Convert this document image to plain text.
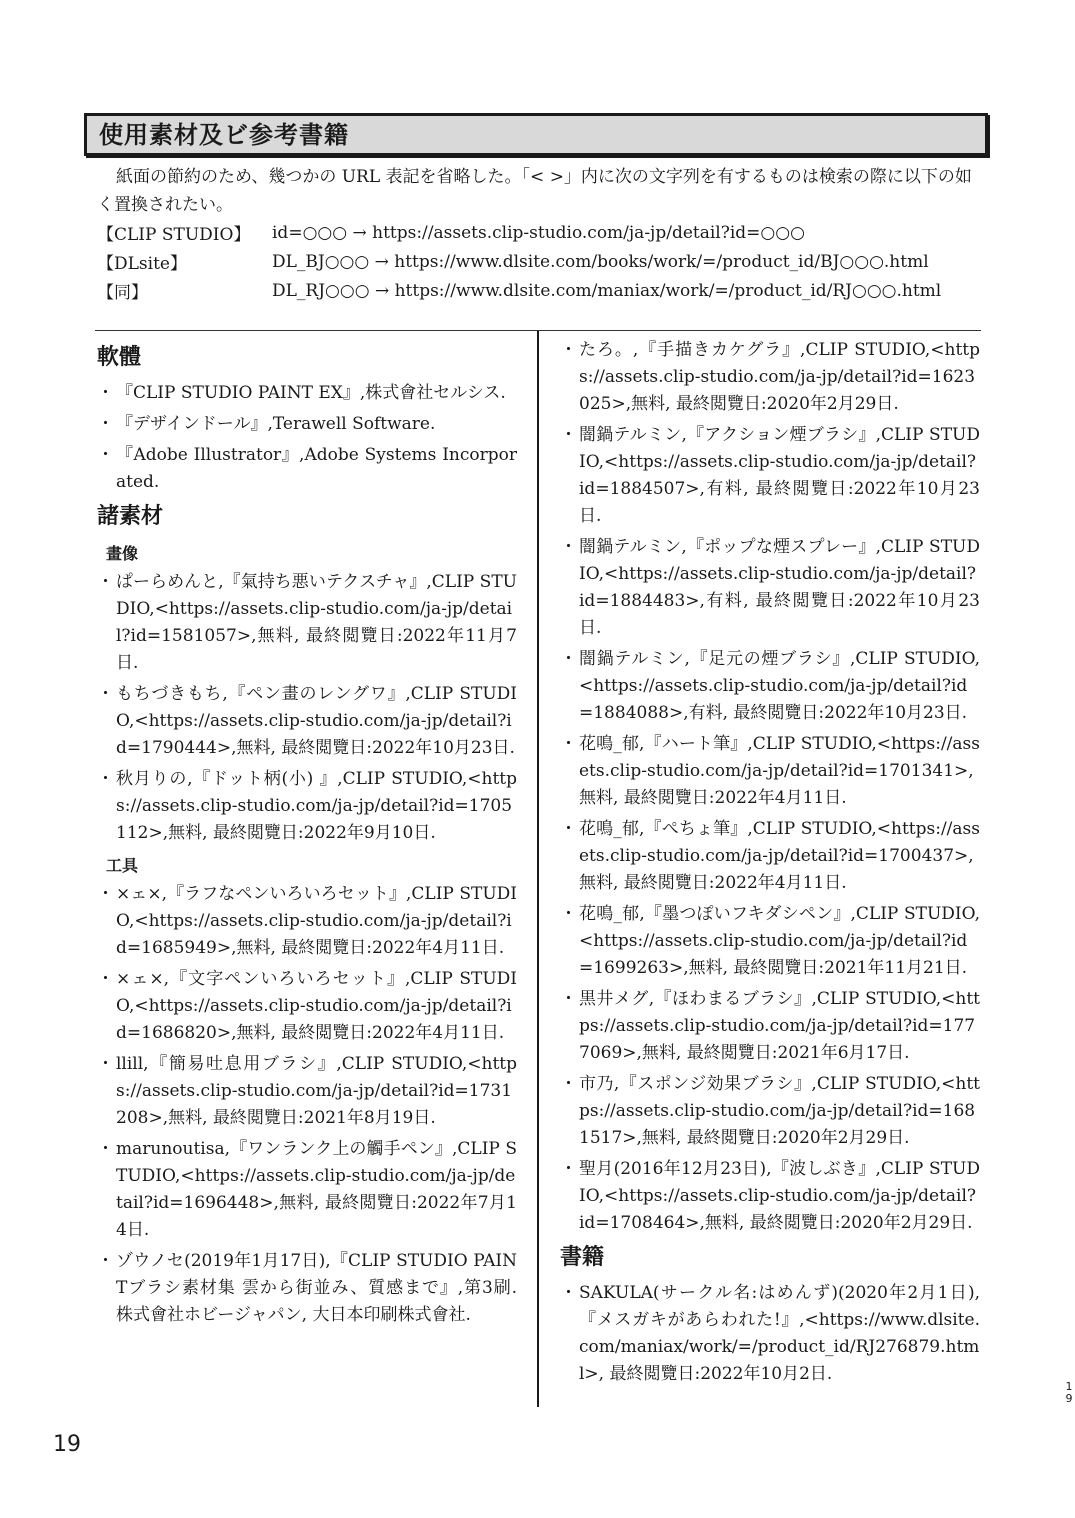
使用素材及ビ参考書籍

紙面の節約のため、幾つかの URL 表記を省略した。「< >」内に次の文字列を有するものは検索の際に以下の如く置換されたい。

【CLIP STUDIO】	id=○○○ → https://assets.clip-studio.com/ja-jp/detail?id=○○○
【DLsite】	DL_BJ○○○ → https://www.dlsite.com/books/work/=/product_id/BJ○○○.html
【同】	DL_RJ○○○ → https://www.dlsite.com/maniax/work/=/product_id/RJ○○○.html
軟體
・ 『CLIP STUDIO PAINT EX』,株式會社セルシス.
・ 『デザインドール』,Terawell Software.
・ 『Adobe Illustrator』,Adobe Systems Incorporated.
諸素材
畫像
・ ぱーらめんと,『氣持ち悪いテクスチャ』,CLIP STUDIO,<https://assets.clip-studio.com/ja-jp/detail?id=1581057>,無料, 最終閲覽日:2022年11月7日.
・ もちづきもち,『ペン畫のレングワ』,CLIP STUDIO,<https://assets.clip-studio.com/ja-jp/detail?id=1790444>,無料, 最終閲覽日:2022年10月23日.
・ 秋月りの,『ドット柄(小) 』,CLIP STUDIO,<https://assets.clip-studio.com/ja-jp/detail?id=1705112>,無料, 最終閲覽日:2022年9月10日.
工具
・ ×ェ×,『ラフなペンいろいろセット』,CLIP STUDIO,<https://assets.clip-studio.com/ja-jp/detail?id=1685949>,無料, 最終閲覽日:2022年4月11日.
・ ×ェ×,『文字ペンいろいろセット』,CLIP STUDIO,<https://assets.clip-studio.com/ja-jp/detail?id=1686820>,無料, 最終閲覽日:2022年4月11日.
・ llill,『簡易吐息用ブラシ』,CLIP STUDIO,<https://assets.clip-studio.com/ja-jp/detail?id=1731208>,無料, 最終閲覽日:2021年8月19日.
・ marunoutisa,『ワンランク上の觸手ペン』,CLIP STUDIO,<https://assets.clip-studio.com/ja-jp/detail?id=1696448>,無料, 最終閲覽日:2022年7月14日.
・ ゾウノセ(2019年1月17日),『CLIP STUDIO PAINTブラシ素材集 雲から街並み、質感まで』,第3刷. 株式會社ホビージャパン, 大日本印刷株式會社.
・ たろ。,『手描きカケグラ』,CLIP STUDIO,<https://assets.clip-studio.com/ja-jp/detail?id=1623025>,無料, 最終閲覽日:2020年2月29日.
・ 闇鍋テルミン,『アクション煙ブラシ』,CLIP STUDIO,<https://assets.clip-studio.com/ja-jp/detail?id=1884507>,有料, 最終閲覽日:2022年10月23日.
・ 闇鍋テルミン,『ポップな煙スプレー』,CLIP STUDIO,<https://assets.clip-studio.com/ja-jp/detail?id=1884483>,有料, 最終閲覽日:2022年10月23日.
・ 闇鍋テルミン,『足元の煙ブラシ』,CLIP STUDIO,<https://assets.clip-studio.com/ja-jp/detail?id=1884088>,有料, 最終閲覽日:2022年10月23日.
・ 花鳴_郁,『ハート筆』,CLIP STUDIO,<https://assets.clip-studio.com/ja-jp/detail?id=1701341>,無料, 最終閲覽日:2022年4月11日.
・ 花鳴_郁,『ぺちょ筆』,CLIP STUDIO,<https://assets.clip-studio.com/ja-jp/detail?id=1700437>,無料, 最終閲覽日:2022年4月11日.
・ 花鳴_郁,『墨つぽいフキダシペン』,CLIP STUDIO,<https://assets.clip-studio.com/ja-jp/detail?id=1699263>,無料, 最終閲覽日:2021年11月21日.
・ 黒井メグ,『ほわまるブラシ』,CLIP STUDIO,<https://assets.clip-studio.com/ja-jp/detail?id=1777069>,無料, 最終閲覽日:2021年6月17日.
・ 市乃,『スポンジ効果ブラシ』,CLIP STUDIO,<https://assets.clip-studio.com/ja-jp/detail?id=1681517>,無料, 最終閲覽日:2020年2月29日.
・ 聖月(2016年12月23日),『波しぶき』,CLIP STUDIO,<https://assets.clip-studio.com/ja-jp/detail?id=1708464>,無料, 最終閲覽日:2020年2月29日.
書籍
・ SAKULA(サークル名:はめんず)(2020年2月1日),『メスガキがあらわれた!』,<https://www.dlsite.com/maniax/work/=/product_id/RJ276879.html>, 最終閲覽日:2022年10月2日.
19
19
